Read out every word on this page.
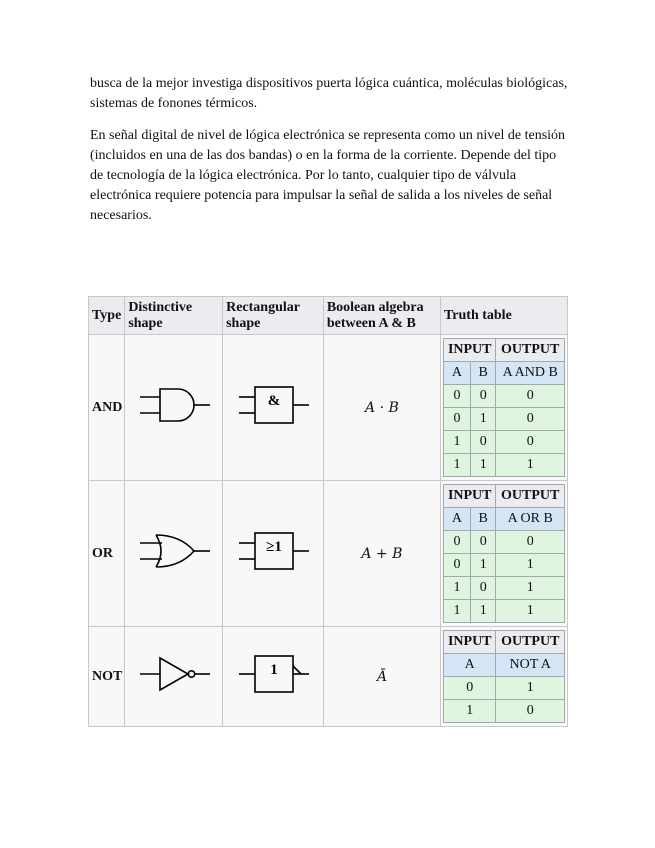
busca de la mejor investiga dispositivos puerta lógica cuántica, moléculas biológicas, sistemas de fonones térmicos.

En señal digital de nivel de lógica electrónica se representa como un nivel de tensión (incluidos en una de las dos bandas) o en la forma de la corriente. Depende del tipo de tecnología de la lógica electrónica. Por lo tanto, cualquier tipo de válvula electrónica requiere potencia para impulsar la señal de salida a los niveles de señal necesarios.

Type	Distinctive shape	Rectangular shape	Boolean algebra between A & B	Truth table
AND		&	A · B	
INPUT	OUTPUT
A	B	A AND B
0	0	0
0	1	0
1	0	0
1	1	1

OR		≥1	A + B	
INPUT	OUTPUT
A	B	A OR B
0	0	0
0	1	1
1	0	1
1	1	1

NOT		1	Ā	
INPUT	OUTPUT
A	NOT A
0	1
1	0
